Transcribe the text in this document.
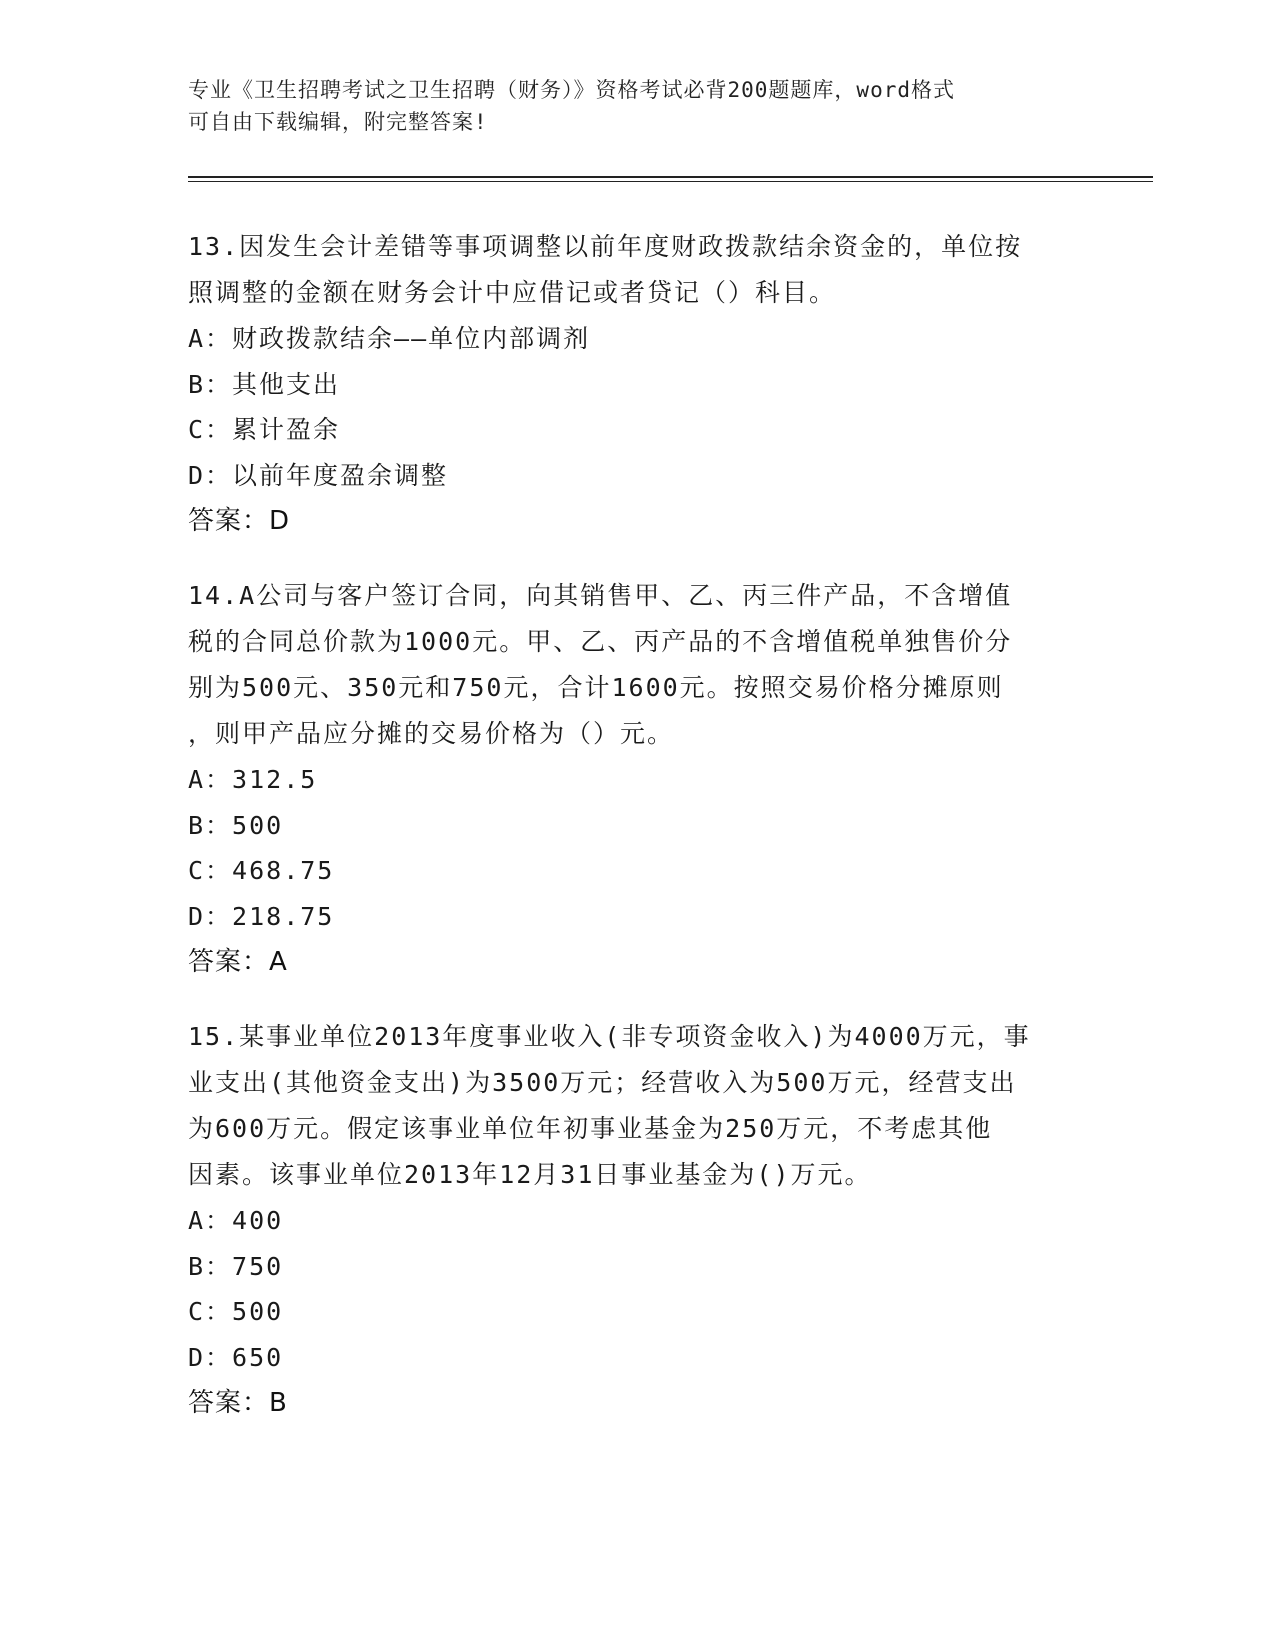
专业《卫生招聘考试之卫生招聘（财务）》资格考试必背200题题库，word格式
可自由下载编辑，附完整答案!

13.因发生会计差错等事项调整以前年度财政拨款结余资金的，单位按

照调整的金额在财务会计中应借记或者贷记（）科目。

A：财政拨款结余——单位内部调剂

B：其他支出

C：累计盈余

D：以前年度盈余调整

答案：D

14.A公司与客户签订合同，向其销售甲、乙、丙三件产品，不含增值

税的合同总价款为1000元。甲、乙、丙产品的不含增值税单独售价分

别为500元、350元和750元，合计1600元。按照交易价格分摊原则

，则甲产品应分摊的交易价格为（）元。

A：312.5

B：500

C：468.75

D：218.75

答案：A

15.某事业单位2013年度事业收入(非专项资金收入)为4000万元，事

业支出(其他资金支出)为3500万元；经营收入为500万元，经营支出

为600万元。假定该事业单位年初事业基金为250万元，不考虑其他

因素。该事业单位2013年12月31日事业基金为()万元。

A：400

B：750

C：500

D：650

答案：B
